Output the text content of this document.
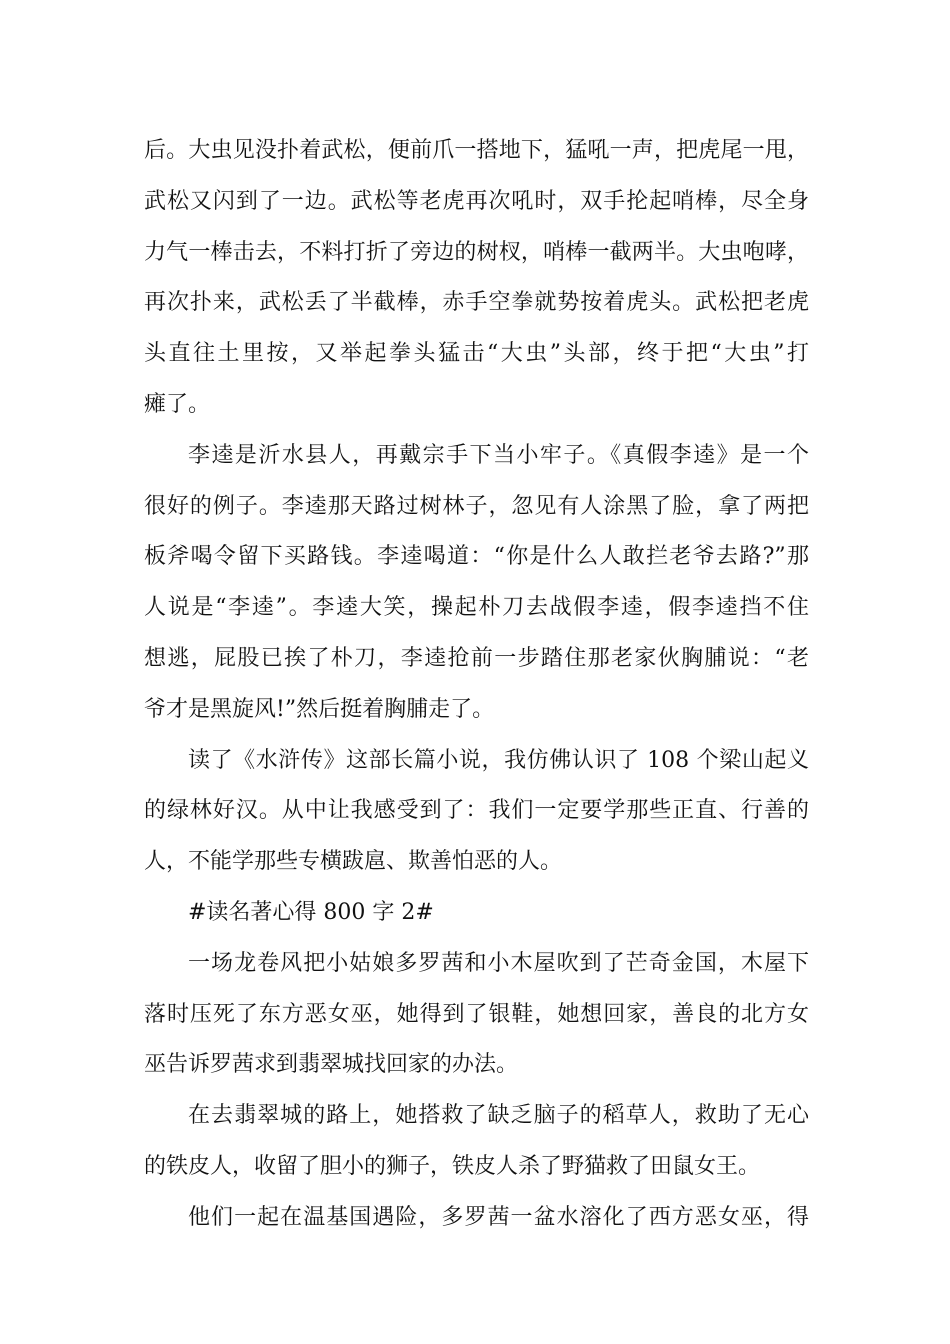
后。大虫见没扑着武松，便前爪一搭地下，猛吼一声，把虎尾一甩，
武松又闪到了一边。武松等老虎再次吼时，双手抡起哨棒，尽全身
力气一棒击去，不料打折了旁边的树杈，哨棒一截两半。大虫咆哮，
再次扑来，武松丢了半截棒，赤手空拳就势按着虎头。武松把老虎
头直往土里按，又举起拳头猛击“大虫”头部，终于把“大虫”打
瘫了。
李逵是沂水县人，再戴宗手下当小牢子。《真假李逵》是一个
很好的例子。李逵那天路过树林子，忽见有人涂黑了脸，拿了两把
板斧喝令留下买路钱。李逵喝道：“你是什么人敢拦老爷去路?”那
人说是“李逵”。李逵大笑，操起朴刀去战假李逵，假李逵挡不住
想逃，屁股已挨了朴刀，李逵抢前一步踏住那老家伙胸脯说：“老
爷才是黑旋风!”然后挺着胸脯走了。
读了《水浒传》这部长篇小说，我仿佛认识了 108 个梁山起义
的绿林好汉。从中让我感受到了：我们一定要学那些正直、行善的
人，不能学那些专横跋扈、欺善怕恶的人。
#读名著心得 800 字 2#
一场龙卷风把小姑娘多罗茜和小木屋吹到了芒奇金国，木屋下
落时压死了东方恶女巫，她得到了银鞋，她想回家，善良的北方女
巫告诉罗茜求到翡翠城找回家的办法。
在去翡翠城的路上，她搭救了缺乏脑子的稻草人，救助了无心
的铁皮人，收留了胆小的狮子，铁皮人杀了野猫救了田鼠女王。
他们一起在温基国遇险，多罗茜一盆水溶化了西方恶女巫，得
